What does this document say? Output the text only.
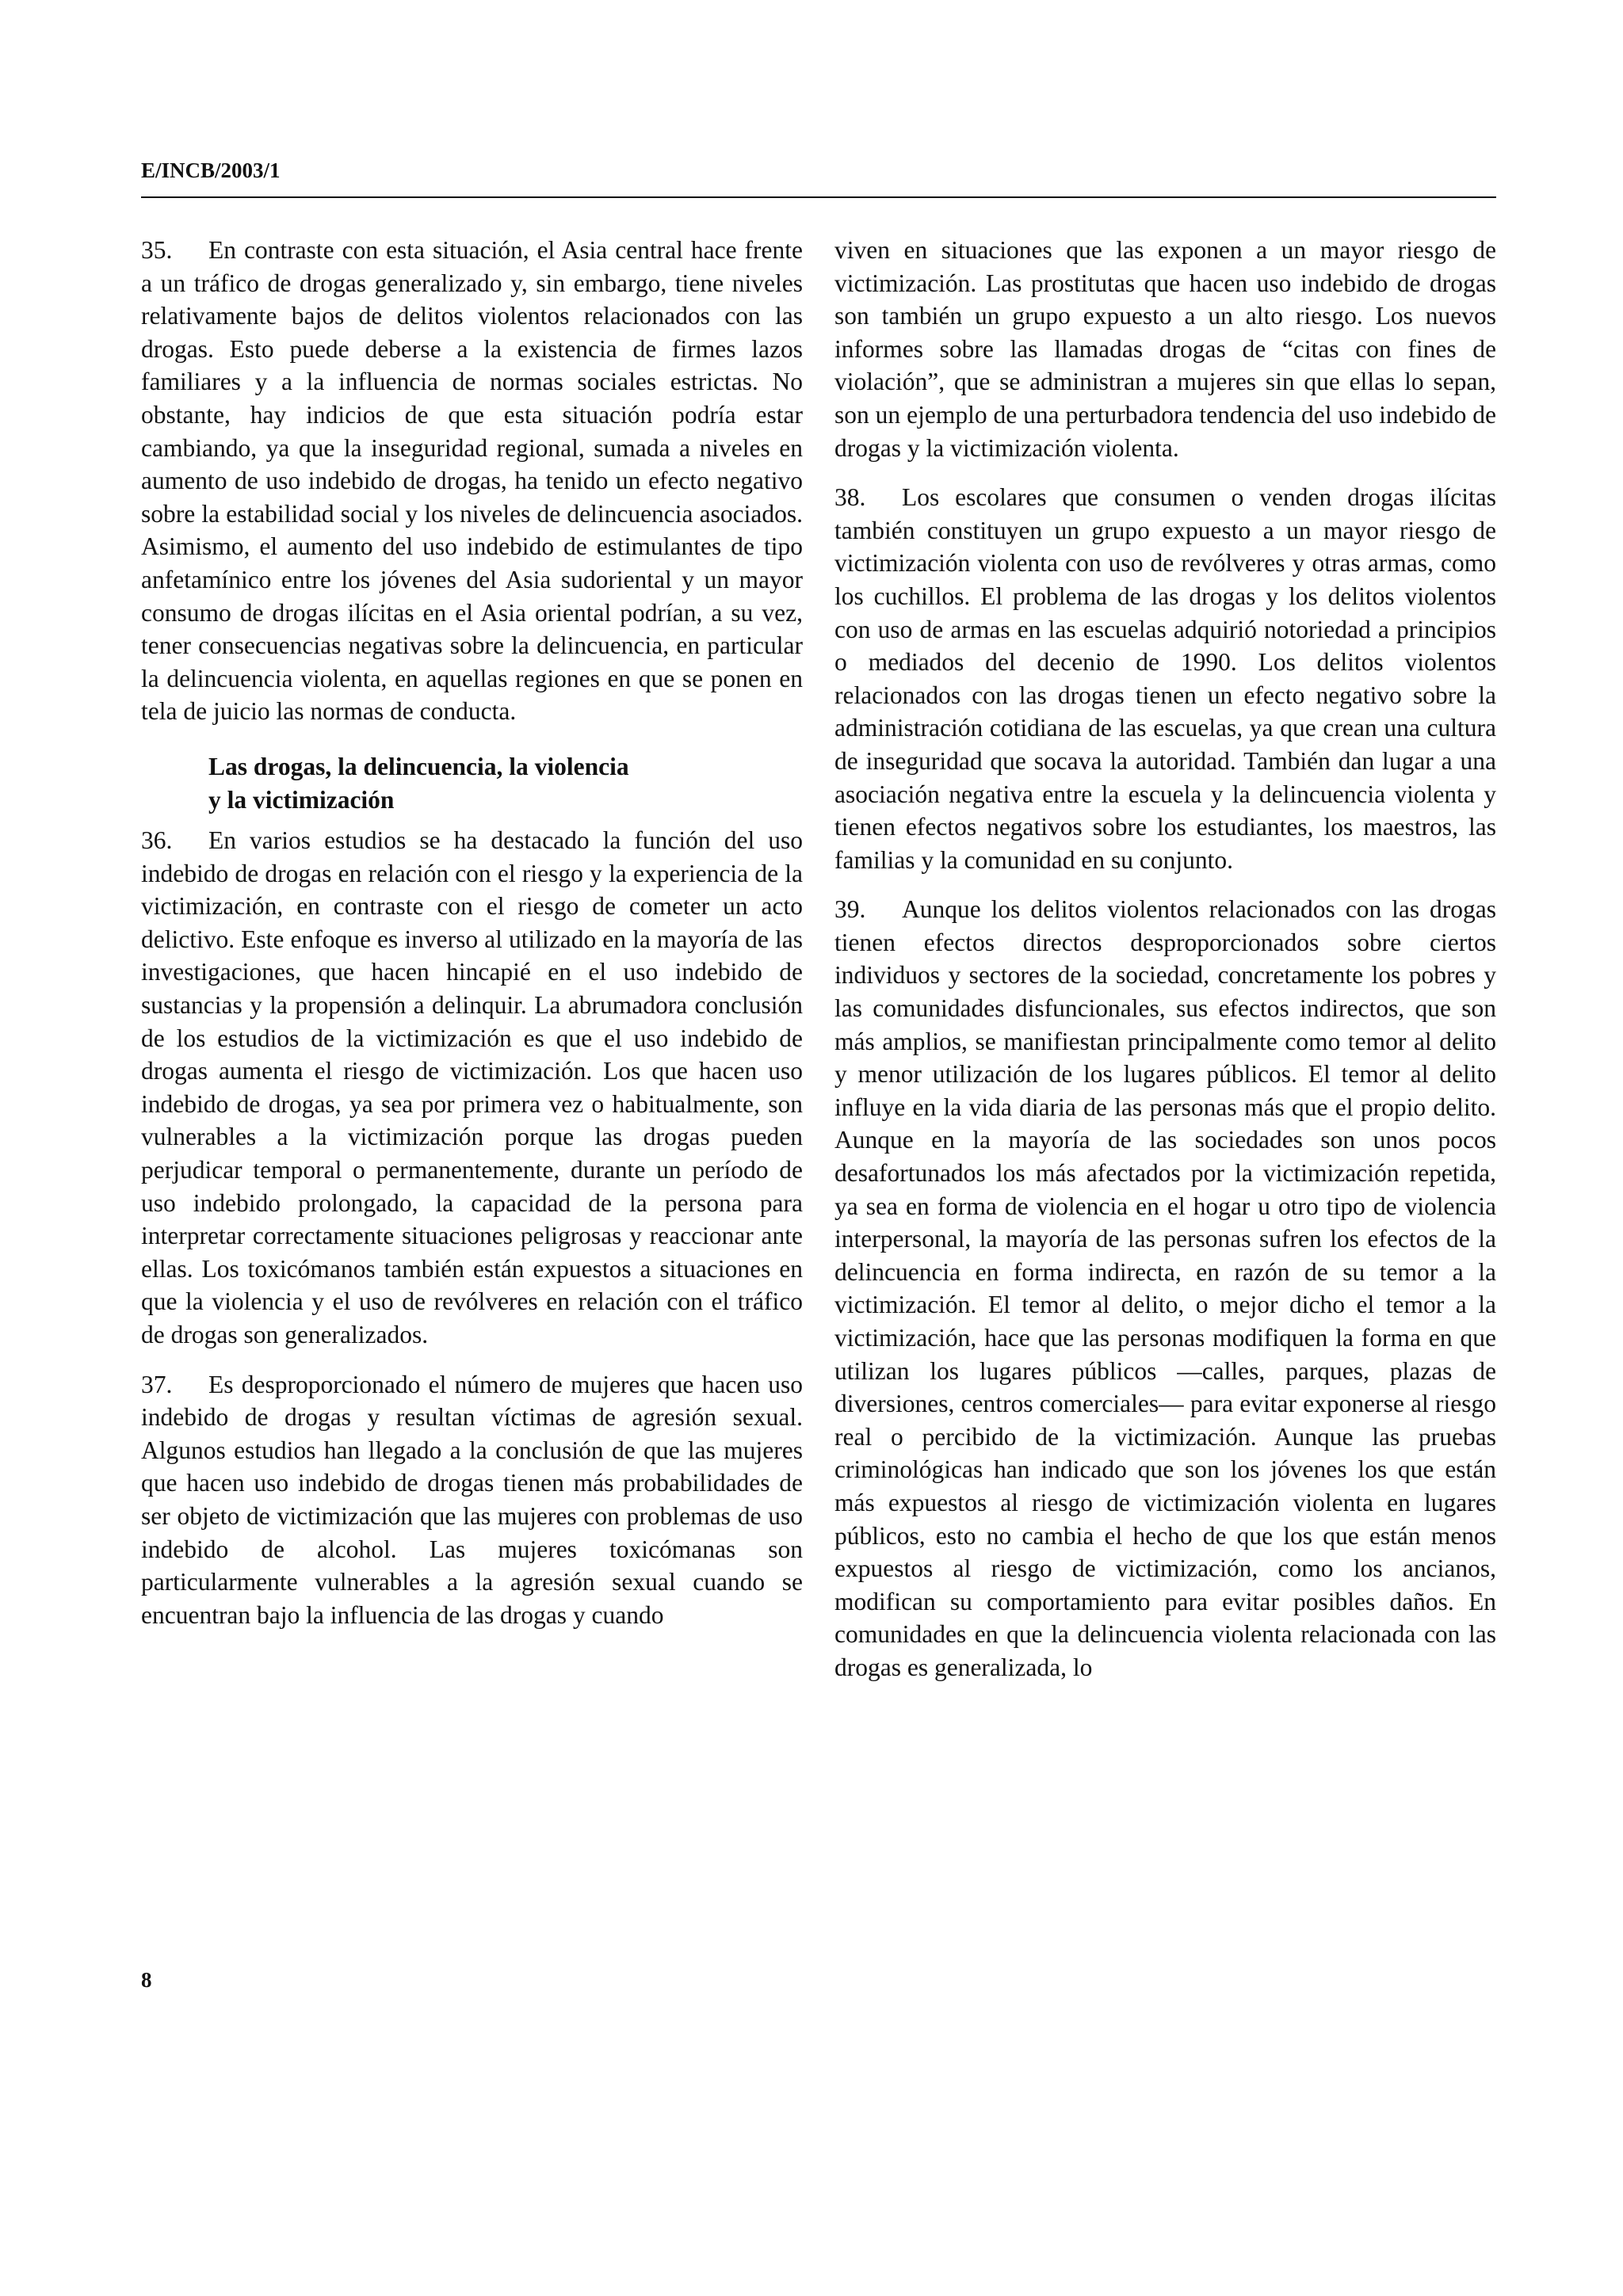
E/INCB/2003/1

35. En contraste con esta situación, el Asia central hace frente a un tráfico de drogas generalizado y, sin embargo, tiene niveles relativamente bajos de delitos violentos relacionados con las drogas. Esto puede deberse a la existencia de firmes lazos familiares y a la influencia de normas sociales estrictas. No obstante, hay indicios de que esta situación podría estar cambiando, ya que la inseguridad regional, sumada a niveles en aumento de uso indebido de drogas, ha tenido un efecto negativo sobre la estabilidad social y los niveles de delincuencia asociados. Asimismo, el aumento del uso indebido de estimulantes de tipo anfetamínico entre los jóvenes del Asia sudoriental y un mayor consumo de drogas ilícitas en el Asia oriental podrían, a su vez, tener consecuencias negativas sobre la delincuencia, en particular la delincuencia violenta, en aquellas regiones en que se ponen en tela de juicio las normas de conducta.

Las drogas, la delincuencia, la violencia
y la victimización

36. En varios estudios se ha destacado la función del uso indebido de drogas en relación con el riesgo y la experiencia de la victimización, en contraste con el riesgo de cometer un acto delictivo. Este enfoque es inverso al utilizado en la mayoría de las investigaciones, que hacen hincapié en el uso indebido de sustancias y la propensión a delinquir. La abrumadora conclusión de los estudios de la victimización es que el uso indebido de drogas aumenta el riesgo de victimización. Los que hacen uso indebido de drogas, ya sea por primera vez o habitualmente, son vulnerables a la victimización porque las drogas pueden perjudicar temporal o permanentemente, durante un período de uso indebido prolongado, la capacidad de la persona para interpretar correctamente situaciones peligrosas y reaccionar ante ellas. Los toxicómanos también están expuestos a situaciones en que la violencia y el uso de revólveres en relación con el tráfico de drogas son generalizados.

37. Es desproporcionado el número de mujeres que hacen uso indebido de drogas y resultan víctimas de agresión sexual. Algunos estudios han llegado a la conclusión de que las mujeres que hacen uso indebido de drogas tienen más probabilidades de ser objeto de victimización que las mujeres con problemas de uso indebido de alcohol. Las mujeres toxicómanas son particularmente vulnerables a la agresión sexual cuando se encuentran bajo la influencia de las drogas y cuando

viven en situaciones que las exponen a un mayor riesgo de victimización. Las prostitutas que hacen uso indebido de drogas son también un grupo expuesto a un alto riesgo. Los nuevos informes sobre las llamadas drogas de “citas con fines de violación”, que se administran a mujeres sin que ellas lo sepan, son un ejemplo de una perturbadora tendencia del uso indebido de drogas y la victimización violenta.

38. Los escolares que consumen o venden drogas ilícitas también constituyen un grupo expuesto a un mayor riesgo de victimización violenta con uso de revólveres y otras armas, como los cuchillos. El problema de las drogas y los delitos violentos con uso de armas en las escuelas adquirió notoriedad a principios o mediados del decenio de 1990. Los delitos violentos relacionados con las drogas tienen un efecto negativo sobre la administración cotidiana de las escuelas, ya que crean una cultura de inseguridad que socava la autoridad. También dan lugar a una asociación negativa entre la escuela y la delincuencia violenta y tienen efectos negativos sobre los estudiantes, los maestros, las familias y la comunidad en su conjunto.

39. Aunque los delitos violentos relacionados con las drogas tienen efectos directos desproporcionados sobre ciertos individuos y sectores de la sociedad, concretamente los pobres y las comunidades disfuncionales, sus efectos indirectos, que son más amplios, se manifiestan principalmente como temor al delito y menor utilización de los lugares públicos. El temor al delito influye en la vida diaria de las personas más que el propio delito. Aunque en la mayoría de las sociedades son unos pocos desafortunados los más afectados por la victimización repetida, ya sea en forma de violencia en el hogar u otro tipo de violencia interpersonal, la mayoría de las personas sufren los efectos de la delincuencia en forma indirecta, en razón de su temor a la victimización. El temor al delito, o mejor dicho el temor a la victimización, hace que las personas modifiquen la forma en que utilizan los lugares públicos —calles, parques, plazas de diversiones, centros comerciales— para evitar exponerse al riesgo real o percibido de la victimización. Aunque las pruebas criminológicas han indicado que son los jóvenes los que están más expuestos al riesgo de victimización violenta en lugares públicos, esto no cambia el hecho de que los que están menos expuestos al riesgo de victimización, como los ancianos, modifican su comportamiento para evitar posibles daños. En comunidades en que la delincuencia violenta relacionada con las drogas es generalizada, lo

8
